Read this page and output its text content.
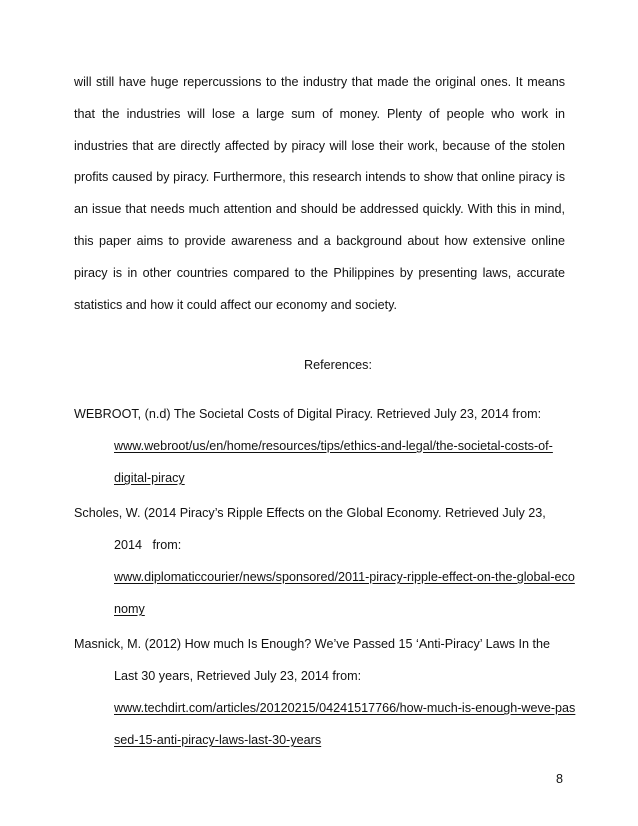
will still have huge repercussions to the industry that made the original ones. It means
that the industries will lose a large sum of money. Plenty of people who work in
industries that are directly affected by piracy will lose their work, because of the stolen
profits caused by piracy. Furthermore, this research intends to show that online piracy is
an issue that needs much attention and should be addressed quickly. With this in mind,
this paper aims to provide awareness and a background about how extensive online
piracy is in other countries compared to the Philippines by presenting laws, accurate
statistics and how it could affect our economy and society.
References:
WEBROOT, (n.d) The Societal Costs of Digital Piracy. Retrieved July 23, 2014 from:
www.webroot/us/en/home/resources/tips/ethics-and-legal/the-societal-costs-of-
digital-piracy
Scholes, W. (2014 Piracy’s Ripple Effects on the Global Economy. Retrieved July 23,
2014   from:
www.diplomaticcourier/news/sponsored/2011-piracy-ripple-effect-on-the-global-eco
nomy
Masnick, M. (2012) How much Is Enough? We’ve Passed 15 ‘Anti-Piracy’ Laws In the
Last 30 years, Retrieved July 23, 2014 from:
www.techdirt.com/articles/20120215/04241517766/how-much-is-enough-weve-pas
sed-15-anti-piracy-laws-last-30-years
8
